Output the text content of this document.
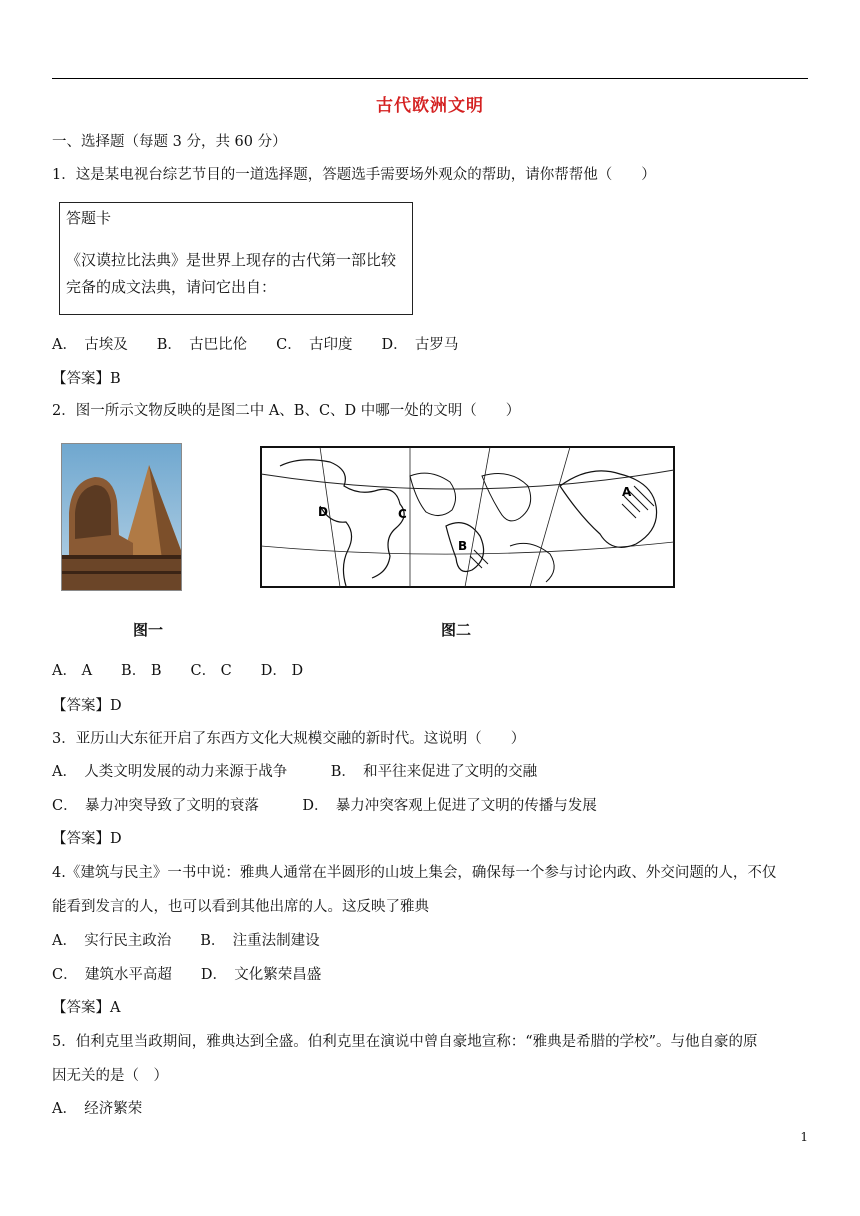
古代欧洲文明
一、选择题（每题 3 分，共 60 分）
1．这是某电视台综艺节目的一道选择题，答题选手需要场外观众的帮助，请你帮帮他（　　）
答题卡
《汉谟拉比法典》是世界上现存的古代第一部比较完备的成文法典，请问它出自：
A．　古埃及　　B．　古巴比伦　　C．　古印度　　D．　古罗马
【答案】B
2．图一所示文物反映的是图二中 A、B、C、D 中哪一处的文明（　　）
A
B
C
D
图一	图二
A． A　　B． B　　C． C　　D． D
【答案】D
3．亚历山大东征开启了东西方文化大规模交融的新时代。这说明（　　）
A．　人类文明发展的动力来源于战争　　　B．　和平往来促进了文明的交融
C．　暴力冲突导致了文明的衰落　　　D．　暴力冲突客观上促进了文明的传播与发展
【答案】D
4.《建筑与民主》一书中说：雅典人通常在半圆形的山坡上集会，确保每一个参与讨论内政、外交问题的人，不仅
能看到发言的人，也可以看到其他出席的人。这反映了雅典
A．　实行民主政治　　B．　注重法制建设
C．　建筑水平高超　　D．　文化繁荣昌盛
【答案】A
5．伯利克里当政期间，雅典达到全盛。伯利克里在演说中曾自豪地宣称：“雅典是希腊的学校”。与他自豪的原
因无关的是（　）
A．　经济繁荣
1
